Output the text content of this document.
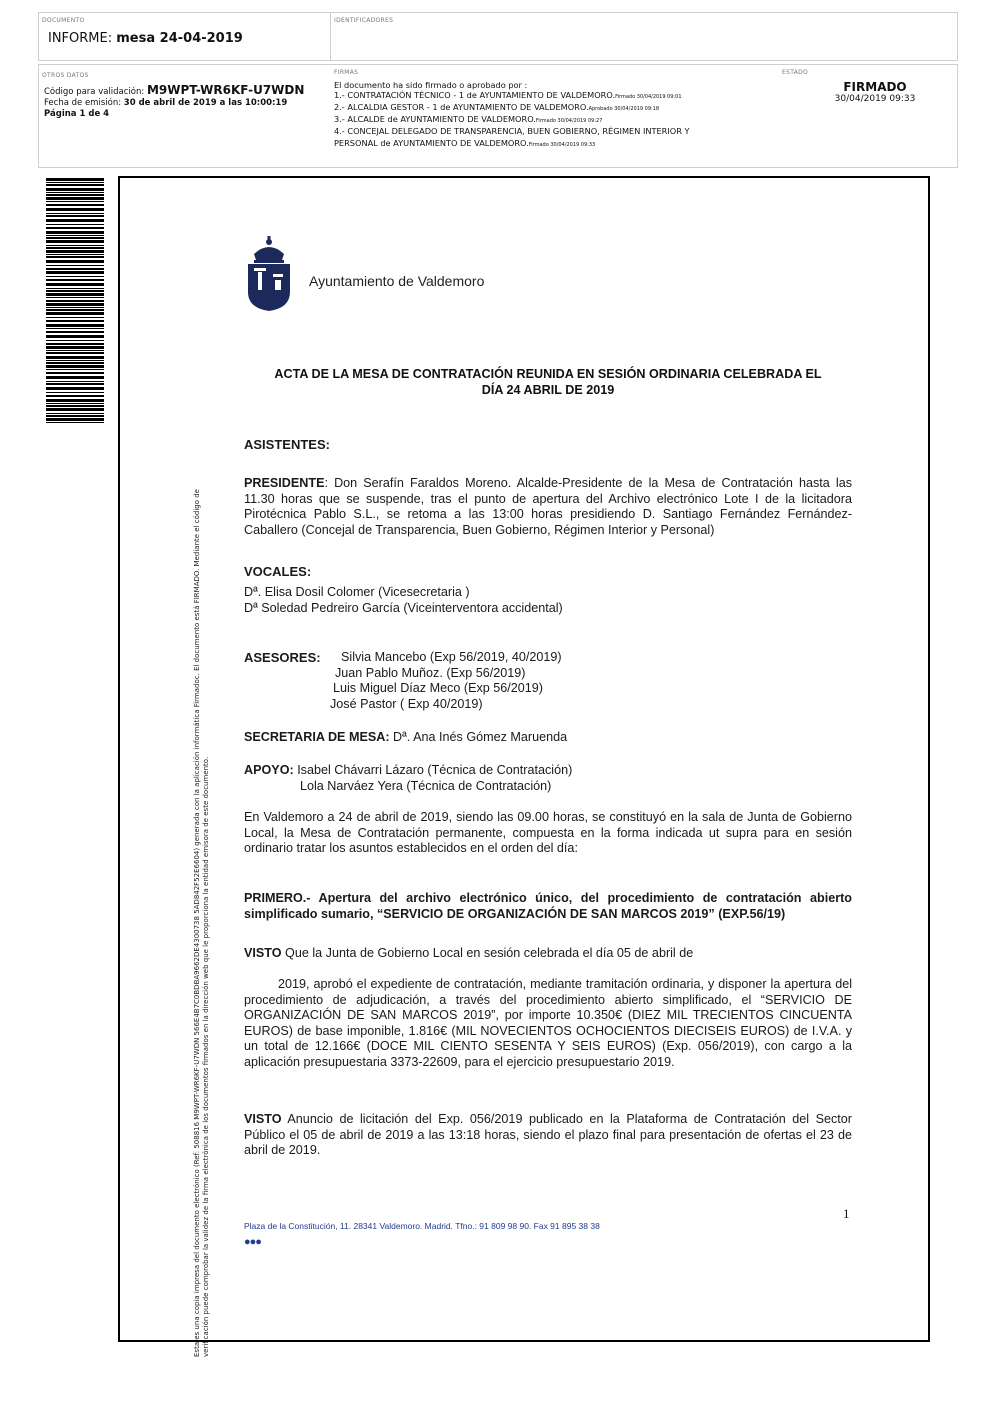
DOCUMENTO	IDENTIFICADORES
INFORME: mesa 24-04-2019
OTROS DATOS
Código para validación: M9WPT-WR6KF-U7WDN
Fecha de emisión: 30 de abril de 2019 a las 10:00:19
Página 1 de 4
FIRMAS
El documento ha sido firmado o aprobado por :
1.- CONTRATACIÓN TÉCNICO - 1 de AYUNTAMIENTO DE VALDEMORO.Firmado 30/04/2019 09:01
2.- ALCALDIA GESTOR - 1 de AYUNTAMIENTO DE VALDEMORO.Aprobado 30/04/2019 09:18
3.- ALCALDE de AYUNTAMIENTO DE VALDEMORO.Firmado 30/04/2019 09:27
4.- CONCEJAL DELEGADO DE TRANSPARENCIA, BUEN GOBIERNO, RÉGIMEN INTERIOR Y
PERSONAL de AYUNTAMIENTO DE VALDEMORO.Firmado 30/04/2019 09:33
ESTADO
FIRMADO
30/04/2019 09:33
Esta es una copia impresa del documento electrónico (Ref: 508816 M9WPT-WR6KF-U7WDN 566E4B7C0BDBA9662DE4300738 5AD842F52E6604) generada con la aplicación informática Firmadoc. El documento está FIRMADO. Mediante el código de verificación puede comprobar la validez de la firma electrónica de los documentos firmados en la dirección web que le proporciona la entidad emisora de este documento.
Ayuntamiento de Valdemoro
ACTA DE LA MESA DE CONTRATACIÓN REUNIDA EN SESIÓN ORDINARIA CELEBRADA EL
DÍA 24 ABRIL DE 2019
ASISTENTES:
PRESIDENTE: Don Serafín Faraldos Moreno. Alcalde-Presidente de la Mesa de Contratación hasta las 11.30 horas que se suspende, tras el punto de apertura del Archivo electrónico Lote I de la licitadora Pirotécnica Pablo S.L., se retoma a las 13:00 horas presidiendo D. Santiago Fernández Fernández-Caballero (Concejal de Transparencia, Buen Gobierno, Régimen Interior y Personal)
VOCALES:
Dª. Elisa Dosil Colomer (Vicesecretaria )
Dª Soledad Pedreiro García (Viceinterventora accidental)
ASESORES:	Silvia Mancebo (Exp 56/2019, 40/2019)
Juan Pablo Muñoz. (Exp 56/2019)
Luis Miguel Díaz Meco (Exp 56/2019)
José Pastor ( Exp 40/2019)
SECRETARIA DE MESA: Dª. Ana Inés Gómez Maruenda
APOYO: Isabel Chávarri Lázaro (Técnica de Contratación)
Lola Narváez Yera (Técnica de Contratación)
En Valdemoro a 24 de abril de 2019, siendo las 09.00 horas, se constituyó en la sala de Junta de Gobierno Local, la Mesa de Contratación permanente, compuesta en la forma indicada ut supra para en sesión ordinario tratar los asuntos establecidos en el orden del día:
PRIMERO.- Apertura del archivo electrónico único, del procedimiento de contratación abierto simplificado sumario, “SERVICIO DE ORGANIZACIÓN DE SAN MARCOS 2019” (EXP.56/19)
VISTO Que la Junta de Gobierno Local en sesión celebrada el día 05 de abril de
2019, aprobó el expediente de contratación, mediante tramitación ordinaria, y disponer la apertura del procedimiento de adjudicación, a través del procedimiento abierto simplificado, el “SERVICIO DE ORGANIZACIÓN DE SAN MARCOS 2019”, por importe 10.350€ (DIEZ MIL TRECIENTOS CINCUENTA EUROS) de base imponible, 1.816€ (MIL NOVECIENTOS OCHOCIENTOS DIECISEIS EUROS) de I.V.A. y un total de 12.166€ (DOCE MIL CIENTO SESENTA Y SEIS EUROS) (Exp. 056/2019), con cargo a la aplicación presupuestaria 3373-22609, para el ejercicio presupuestario 2019.
VISTO Anuncio de licitación del Exp. 056/2019 publicado en la Plataforma de Contratación del Sector Público el 05 de abril de 2019 a las 13:18 horas, siendo el plazo final para presentación de ofertas el 23 de abril de 2019.
1
Plaza de la Constitución, 11. 28341 Valdemoro. Madrid. Tfno.: 91 809 98 90. Fax 91 895 38 38
●●●
